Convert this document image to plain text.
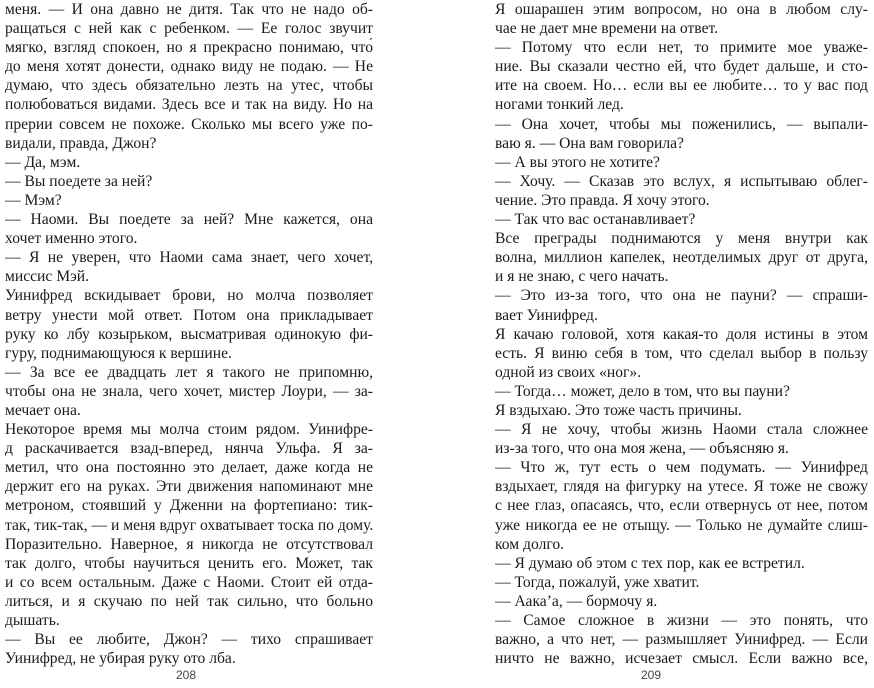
меня. — И она давно не дитя. Так что не надо об-
ращаться с ней как с ребенком. — Ее голос звучит
мягко, взгляд спокоен, но я прекрасно понимаю, что́
до меня хотят донести, однако виду не подаю. — Не
думаю, что здесь обязательно лезть на утес, чтобы
полюбоваться видами. Здесь все и так на виду. Но на
прерии совсем не похоже. Сколько мы всего уже по-
видали, правда, Джон?
— Да, мэм.
— Вы поедете за ней?
— Мэм?
— Наоми. Вы поедете за ней? Мне кажется, она
хочет именно этого.
— Я не уверен, что Наоми сама знает, чего хочет,
миссис Мэй.
Уинифред вскидывает брови, но молча позволяет
ветру унести мой ответ. Потом она прикладывает
руку ко лбу козырьком, высматривая одинокую фи-
гуру, поднимающуюся к вершине.
— За все ее двадцать лет я такого не припомню,
чтобы она не знала, чего хочет, мистер Лоури, — за-
мечает она.
Некоторое время мы молча стоим рядом. Уинифре-
д раскачивается взад-вперед, нянча Ульфа. Я за-
метил, что она постоянно это делает, даже когда не
держит его на руках. Эти движения напоминают мне
метроном, стоявший у Дженни на фортепиано: тик-
так, тик-так, — и меня вдруг охватывает тоска по дому.
Поразительно. Наверное, я никогда не отсутствовал
так долго, чтобы научиться ценить его. Может, так
и со всем остальным. Даже с Наоми. Стоит ей отда-
литься, и я скучаю по ней так сильно, что больно
дышать.
— Вы ее любите, Джон? — тихо спрашивает
Уинифред, не убирая руку ото лба.
208
Я ошарашен этим вопросом, но она в любом слу-
чае не дает мне времени на ответ.
— Потому что если нет, то примите мое уваже-
ние. Вы сказали честно ей, что будет дальше, и сто-
ите на своем. Но… если вы ее любите… то у вас под
ногами тонкий лед.
— Она хочет, чтобы мы поженились, — выпали-
ваю я. — Она вам говорила?
— А вы этого не хотите?
— Хочу. — Сказав это вслух, я испытываю облег-
чение. Это правда. Я хочу этого.
— Так что вас останавливает?
Все преграды поднимаются у меня внутри как
волна, миллион капелек, неотделимых друг от друга,
и я не знаю, с чего начать.
— Это из-за того, что она не пауни? — спраши-
вает Уинифред.
Я качаю головой, хотя какая-то доля истины в этом
есть. Я виню себя в том, что сделал выбор в пользу
одной из своих «ног».
— Тогда… может, дело в том, что вы пауни?
Я вздыхаю. Это тоже часть причины.
— Я не хочу, чтобы жизнь Наоми стала сложнее
из-за того, что она моя жена, — объясняю я.
— Что ж, тут есть о чем подумать. — Уинифред
вздыхает, глядя на фигурку на утесе. Я тоже не свожу
с нее глаз, опасаясь, что, если отвернусь от нее, потом
уже никогда ее не отыщу. — Только не думайте слиш-
ком долго.
— Я думаю об этом с тех пор, как ее встретил.
— Тогда, пожалуй, уже хватит.
— Аака’а, — бормочу я.
— Самое сложное в жизни — это понять, что
важно, а что нет, — размышляет Уинифред. — Если
ничто не важно, исчезает смысл. Если важно все,
209
